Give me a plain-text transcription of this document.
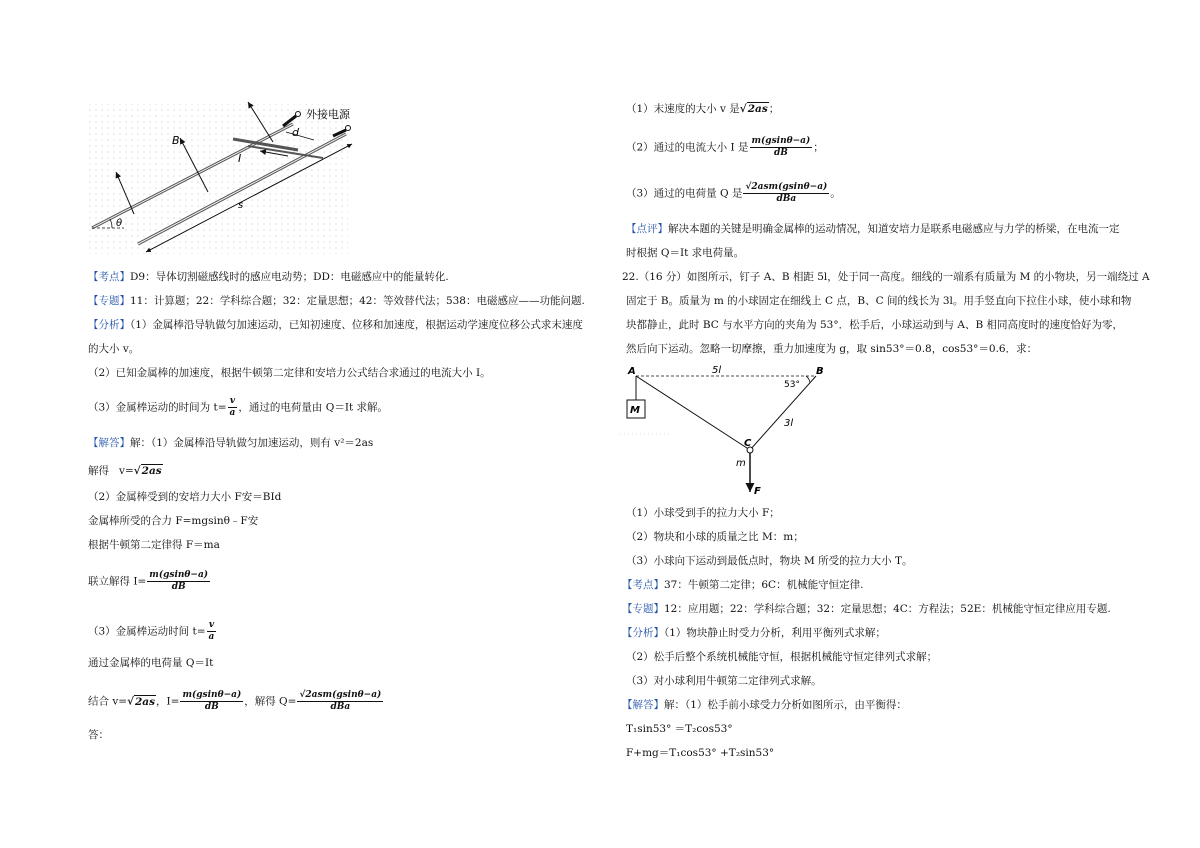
θ
B
d
I
s
外接电源
【考点】D9：导体切割磁感线时的感应电动势；DD：电磁感应中的能量转化.
【专题】11：计算题；22：学科综合题；32：定量思想；42：等效替代法；538：电磁感应——功能问题.
【分析】（1）金属棒沿导轨做匀加速运动，已知初速度、位移和加速度，根据运动学速度位移公式求末速度
的大小 v。
（2）已知金属棒的加速度，根据牛顿第二定律和安培力公式结合求通过的电流大小 I。
（3）金属棒运动的时间为 $t= \frac{v}{a}$ ，通过的电荷量由 Q＝It 求解。
【解答】解：（1）金属棒沿导轨做匀加速运动，则有 v²＝2as
解得 v=√2as
（2）金属棒受到的安培力大小 F安＝BId
金属棒所受的合力 F=mgsinθ﹣F安
根据牛顿第二定律得 F＝ma
联立解得 $I= \frac{m(gsin\theta-a)}{dB}$
（3）金属棒运动时间 $t= \frac{v}{a}$
通过金属棒的电荷量 Q＝It
结合 v=√2as，$I= \frac{m(gsin\theta-a)}{dB}$ ，解得 $Q= \frac{\text{√2asm(gsinθ−a)}}{\text{dBa}}$
答：
（1）末速度的大小 v 是√2as；
（2）通过的电流大小 I 是 $\frac{m(gsin\theta-a)}{dB}$ ；
（3）通过的电荷量 Q 是 $\frac{\text{√2asm(gsinθ−a)}}{\text{dBa}}$ 。
【点评】解决本题的关键是明确金属棒的运动情况，知道安培力是联系电磁感应与力学的桥梁，在电流一定
时根据 Q＝It 求电荷量。
22.（16 分）如图所示，钉子 A、B 相距 5l，处于同一高度。细线的一端系有质量为 M 的小物块，另一端绕过 A
固定于 B。质量为 m 的小球固定在细线上 C 点，B、C 间的线长为 3l。用手竖直向下拉住小球，使小球和物
块都静止，此时 BC 与水平方向的夹角为 53°．松手后，小球运动到与 A、B 相同高度时的速度恰好为零，
然后向下运动。忽略一切摩擦，重力加速度为 g，取 sin53°＝0.8，cos53°＝0.6．求：
A	B
5l
53°
3l
M
C
m
F
（1）小球受到手的拉力大小 F；
（2）物块和小球的质量之比 M：m；
（3）小球向下运动到最低点时，物块 M 所受的拉力大小 T。
【考点】37：牛顿第二定律；6C：机械能守恒定律.
【专题】12：应用题；22：学科综合题；32：定量思想；4C：方程法；52E：机械能守恒定律应用专题.
【分析】（1）物块静止时受力分析，利用平衡列式求解；
（2）松手后整个系统机械能守恒，根据机械能守恒定律列式求解；
（3）对小球利用牛顿第二定律列式求解。
【解答】解：（1）松手前小球受力分析如图所示，由平衡得：
T₁sin53° ＝T₂cos53°
F+mg＝T₁cos53° +T₂sin53°
